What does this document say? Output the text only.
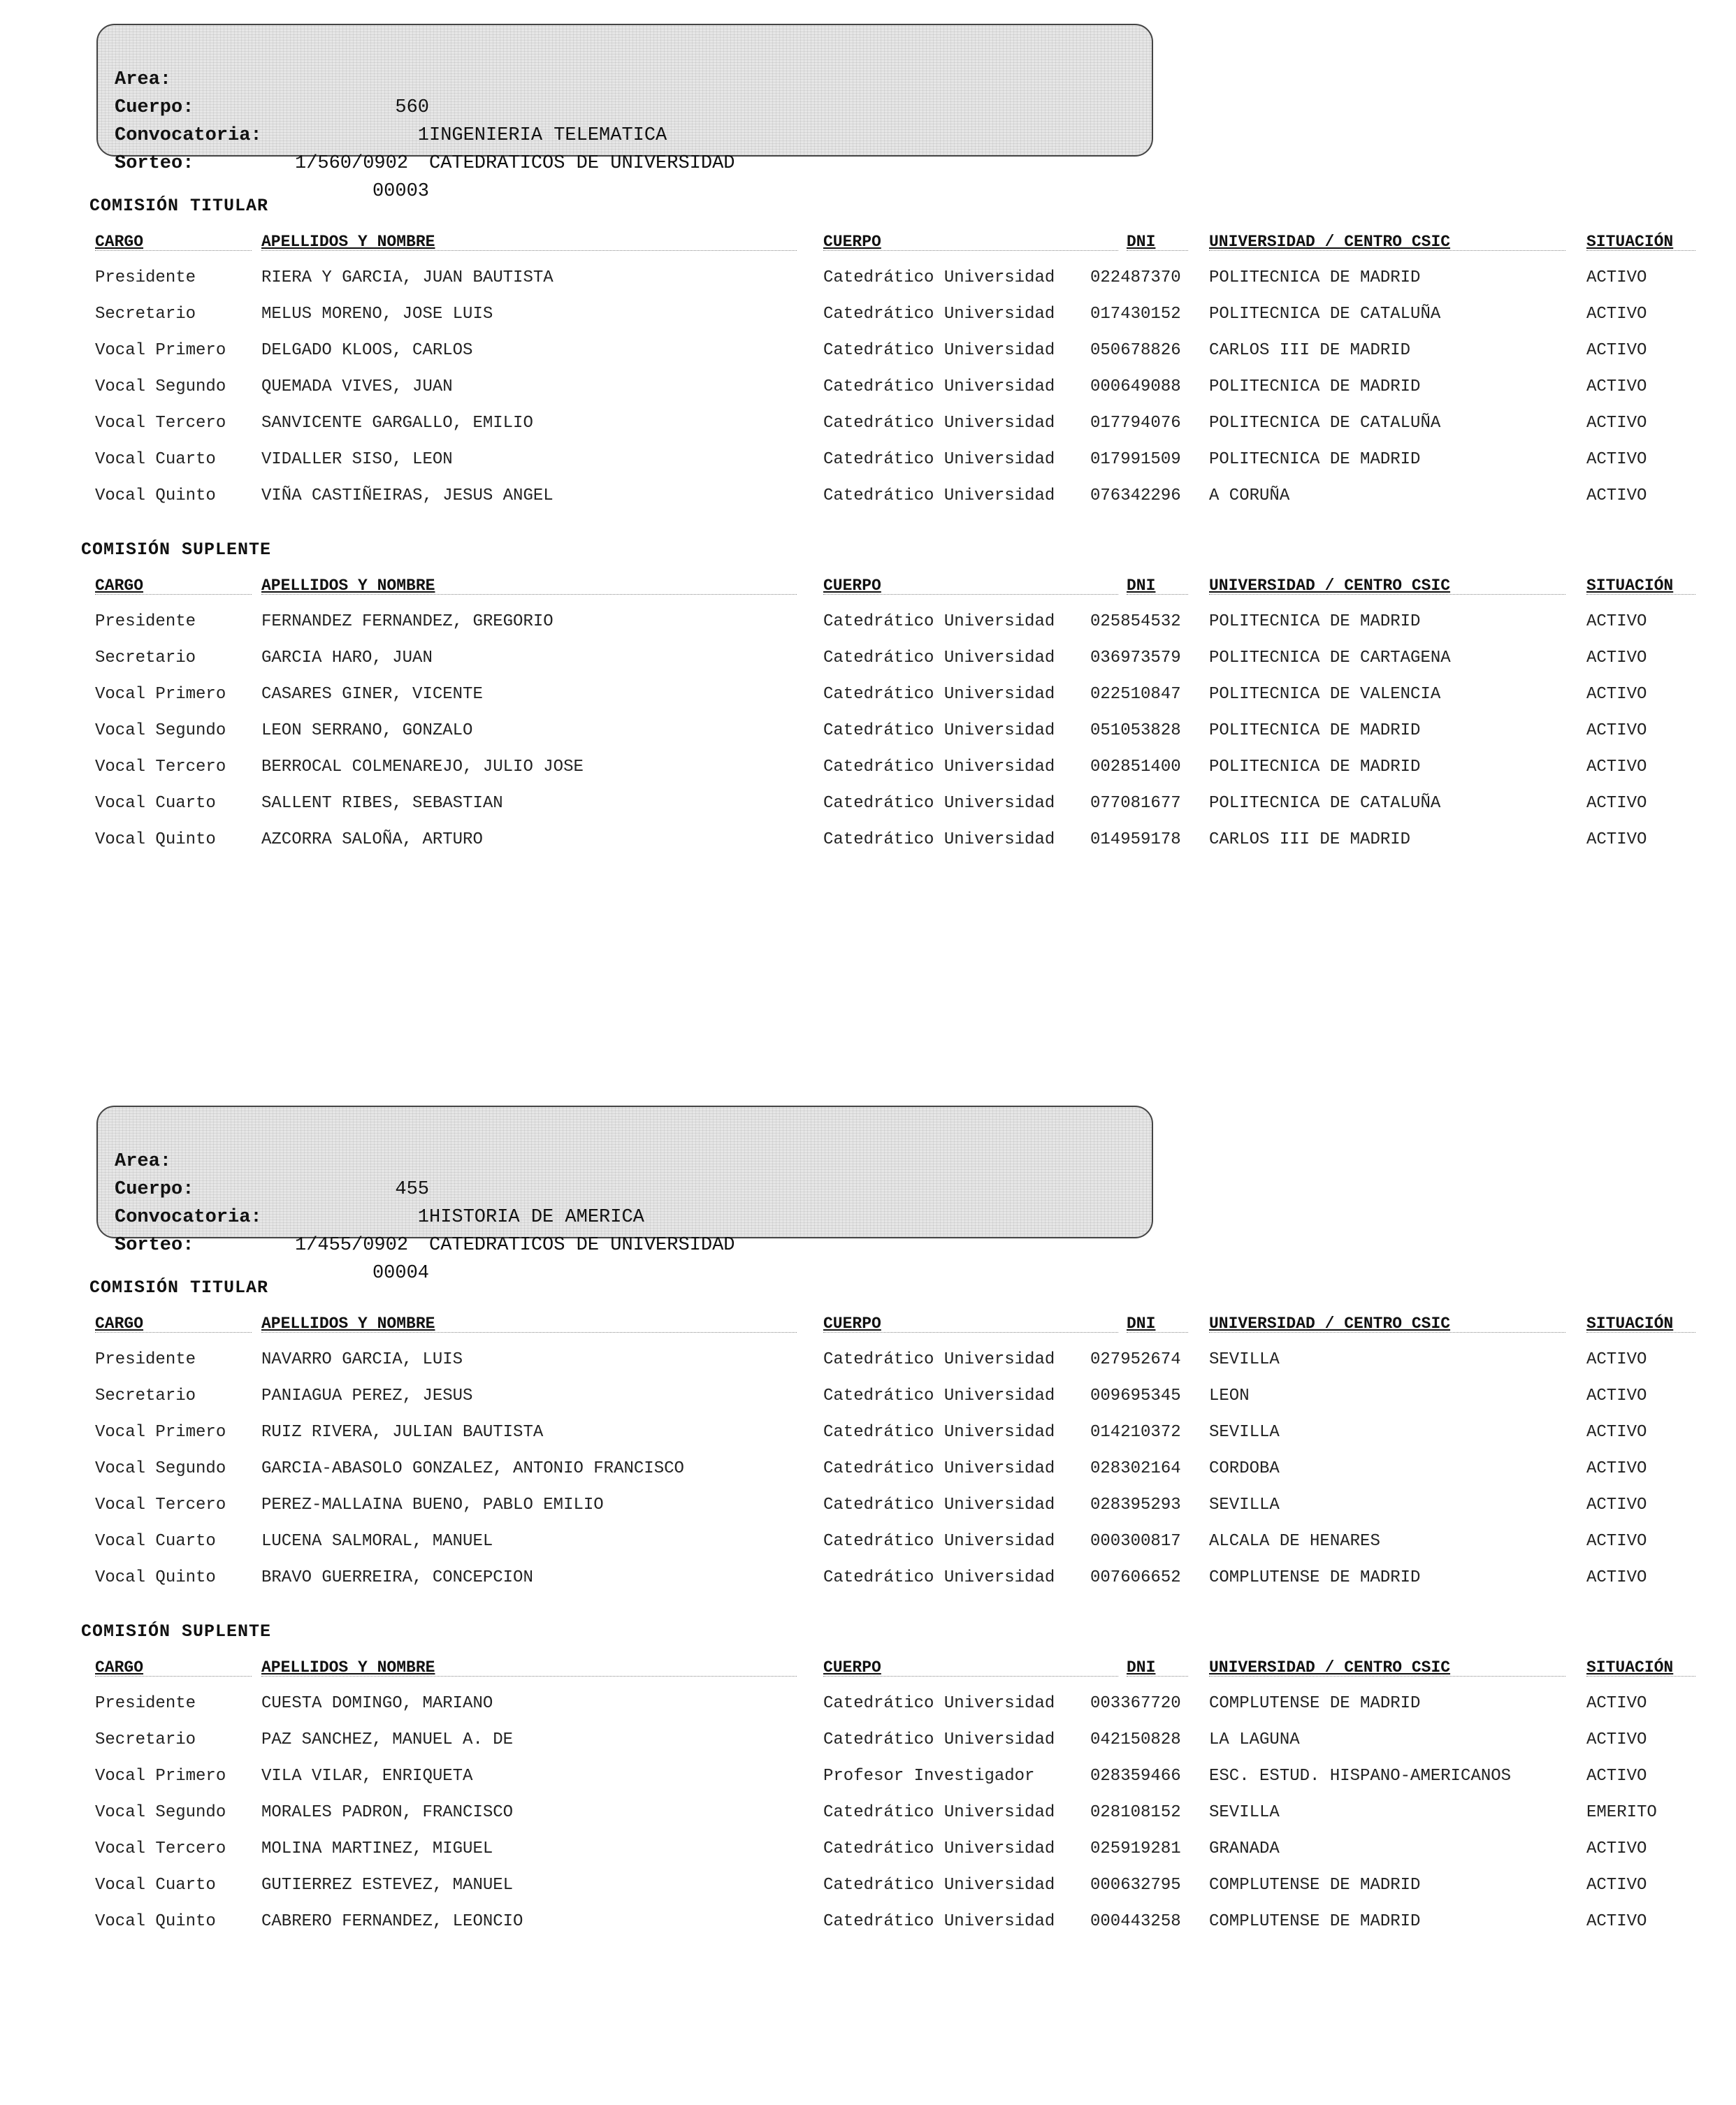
Area:

560

INGENIERIA TELEMATICA

Cuerpo:

1

CATEDRATICOS DE UNIVERSIDAD

Convocatoria:

1/560/0902

Sorteo:

00003

COMISIÓN TITULAR
CARGO	APELLIDOS Y NOMBRE	CUERPO	DNI	UNIVERSIDAD / CENTRO CSIC	SITUACIÓN
Presidente	RIERA Y GARCIA, JUAN BAUTISTA	Catedrático Universidad 022487370 POLITECNICA DE MADRID	ACTIVO
Secretario	MELUS MORENO, JOSE LUIS	Catedrático Universidad 017430152 POLITECNICA DE CATALUÑA	ACTIVO
Vocal Primero DELGADO KLOOS, CARLOS	Catedrático Universidad 050678826 CARLOS III DE MADRID	ACTIVO
Vocal Segundo QUEMADA VIVES, JUAN	Catedrático Universidad 000649088 POLITECNICA DE MADRID	ACTIVO
Vocal Tercero SANVICENTE GARGALLO, EMILIO	Catedrático Universidad 017794076 POLITECNICA DE CATALUÑA	ACTIVO
Vocal Cuarto	VIDALLER SISO, LEON	Catedrático Universidad 017991509 POLITECNICA DE MADRID	ACTIVO
Vocal Quinto	VIÑA CASTIÑEIRAS, JESUS ANGEL	Catedrático Universidad 076342296 A CORUÑA	ACTIVO
COMISIÓN SUPLENTE
CARGO	APELLIDOS Y NOMBRE	CUERPO	DNI	UNIVERSIDAD / CENTRO CSIC	SITUACIÓN
Presidente	FERNANDEZ FERNANDEZ, GREGORIO	Catedrático Universidad 025854532 POLITECNICA DE MADRID	ACTIVO
Secretario	GARCIA HARO, JUAN	Catedrático Universidad 036973579 POLITECNICA DE CARTAGENA	ACTIVO
Vocal Primero CASARES GINER, VICENTE	Catedrático Universidad 022510847 POLITECNICA DE VALENCIA	ACTIVO
Vocal Segundo LEON SERRANO, GONZALO	Catedrático Universidad 051053828 POLITECNICA DE MADRID	ACTIVO
Vocal Tercero BERROCAL COLMENAREJO, JULIO JOSE	Catedrático Universidad 002851400 POLITECNICA DE MADRID	ACTIVO
Vocal Cuarto	SALLENT RIBES, SEBASTIAN	Catedrático Universidad 077081677 POLITECNICA DE CATALUÑA	ACTIVO
Vocal Quinto	AZCORRA SALOÑA, ARTURO	Catedrático Universidad 014959178 CARLOS III DE MADRID	ACTIVO

Area:

455

HISTORIA DE AMERICA

Cuerpo:

1

CATEDRATICOS DE UNIVERSIDAD

Convocatoria:

1/455/0902

Sorteo:

00004

COMISIÓN TITULAR
CARGO	APELLIDOS Y NOMBRE	CUERPO	DNI	UNIVERSIDAD / CENTRO CSIC	SITUACIÓN
Presidente	NAVARRO GARCIA, LUIS	Catedrático Universidad 027952674 SEVILLA	ACTIVO
Secretario	PANIAGUA PEREZ, JESUS	Catedrático Universidad 009695345 LEON	ACTIVO
Vocal Primero RUIZ RIVERA, JULIAN BAUTISTA	Catedrático Universidad 014210372 SEVILLA	ACTIVO
Vocal Segundo GARCIA-ABASOLO GONZALEZ, ANTONIO FRANCISCO	Catedrático Universidad 028302164 CORDOBA	ACTIVO
Vocal Tercero PEREZ-MALLAINA BUENO, PABLO EMILIO	Catedrático Universidad 028395293 SEVILLA	ACTIVO
Vocal Cuarto	LUCENA SALMORAL, MANUEL	Catedrático Universidad 000300817 ALCALA DE HENARES	ACTIVO
Vocal Quinto	BRAVO GUERREIRA, CONCEPCION	Catedrático Universidad 007606652 COMPLUTENSE DE MADRID	ACTIVO
COMISIÓN SUPLENTE
CARGO	APELLIDOS Y NOMBRE	CUERPO	DNI	UNIVERSIDAD / CENTRO CSIC	SITUACIÓN
Presidente	CUESTA DOMINGO, MARIANO	Catedrático Universidad 003367720 COMPLUTENSE DE MADRID	ACTIVO
Secretario	PAZ SANCHEZ, MANUEL A. DE	Catedrático Universidad 042150828 LA LAGUNA	ACTIVO
Vocal Primero VILA VILAR, ENRIQUETA	Profesor Investigador	028359466 ESC. ESTUD. HISPANO-AMERICANOS	ACTIVO
Vocal Segundo MORALES PADRON, FRANCISCO	Catedrático Universidad 028108152 SEVILLA	EMERITO
Vocal Tercero MOLINA MARTINEZ, MIGUEL	Catedrático Universidad 025919281 GRANADA	ACTIVO
Vocal Cuarto	GUTIERREZ ESTEVEZ, MANUEL	Catedrático Universidad 000632795 COMPLUTENSE DE MADRID	ACTIVO
Vocal Quinto	CABRERO FERNANDEZ, LEONCIO	Catedrático Universidad 000443258 COMPLUTENSE DE MADRID	ACTIVO
